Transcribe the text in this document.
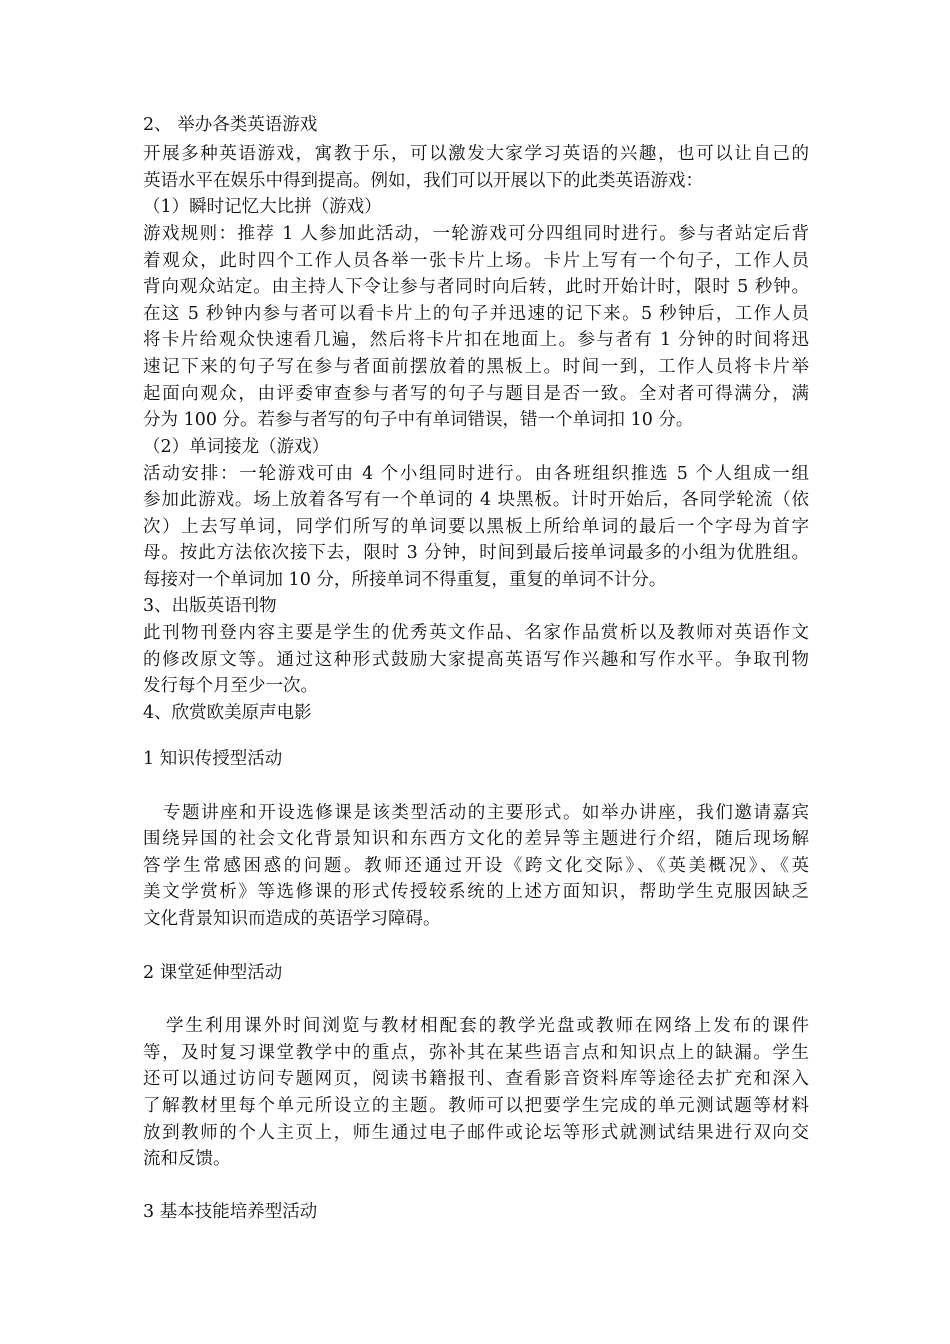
2、 举办各类英语游戏
开展多种英语游戏，寓教于乐，可以激发大家学习英语的兴趣，也可以让自己的
英语水平在娱乐中得到提高。例如，我们可以开展以下的此类英语游戏：
（1）瞬时记忆大比拼（游戏）
游戏规则：推荐 1 人参加此活动，一轮游戏可分四组同时进行。参与者站定后背
着观众，此时四个工作人员各举一张卡片上场。卡片上写有一个句子，工作人员
背向观众站定。由主持人下令让参与者同时向后转，此时开始计时，限时 5 秒钟。
在这 5 秒钟内参与者可以看卡片上的句子并迅速的记下来。5 秒钟后，工作人员
将卡片给观众快速看几遍，然后将卡片扣在地面上。参与者有 1 分钟的时间将迅
速记下来的句子写在参与者面前摆放着的黑板上。时间一到，工作人员将卡片举
起面向观众，由评委审查参与者写的句子与题目是否一致。全对者可得满分，满
分为 100 分。若参与者写的句子中有单词错误，错一个单词扣 10 分。
（2）单词接龙（游戏）
活动安排：一轮游戏可由 4 个小组同时进行。由各班组织推选 5 个人组成一组
参加此游戏。场上放着各写有一个单词的 4 块黑板。计时开始后，各同学轮流（依
次）上去写单词，同学们所写的单词要以黑板上所给单词的最后一个字母为首字
母。按此方法依次接下去，限时 3 分钟，时间到最后接单词最多的小组为优胜组。
每接对一个单词加 10 分，所接单词不得重复，重复的单词不计分。
3、出版英语刊物
此刊物刊登内容主要是学生的优秀英文作品、名家作品赏析以及教师对英语作文
的修改原文等。通过这种形式鼓励大家提高英语写作兴趣和写作水平。争取刊物
发行每个月至少一次。
4、欣赏欧美原声电影
1 知识传授型活动
专题讲座和开设选修课是该类型活动的主要形式。如举办讲座，我们邀请嘉宾
围绕异国的社会文化背景知识和东西方文化的差异等主题进行介绍，随后现场解
答学生常感困惑的问题。教师还通过开设《跨文化交际》、《英美概况》、《英
美文学赏析》等选修课的形式传授较系统的上述方面知识，帮助学生克服因缺乏
文化背景知识而造成的英语学习障碍。
2 课堂延伸型活动
学生利用课外时间浏览与教材相配套的教学光盘或教师在网络上发布的课件
等，及时复习课堂教学中的重点，弥补其在某些语言点和知识点上的缺漏。学生
还可以通过访问专题网页，阅读书籍报刊、查看影音资料库等途径去扩充和深入
了解教材里每个单元所设立的主题。教师可以把要学生完成的单元测试题等材料
放到教师的个人主页上，师生通过电子邮件或论坛等形式就测试结果进行双向交
流和反馈。
3 基本技能培养型活动
